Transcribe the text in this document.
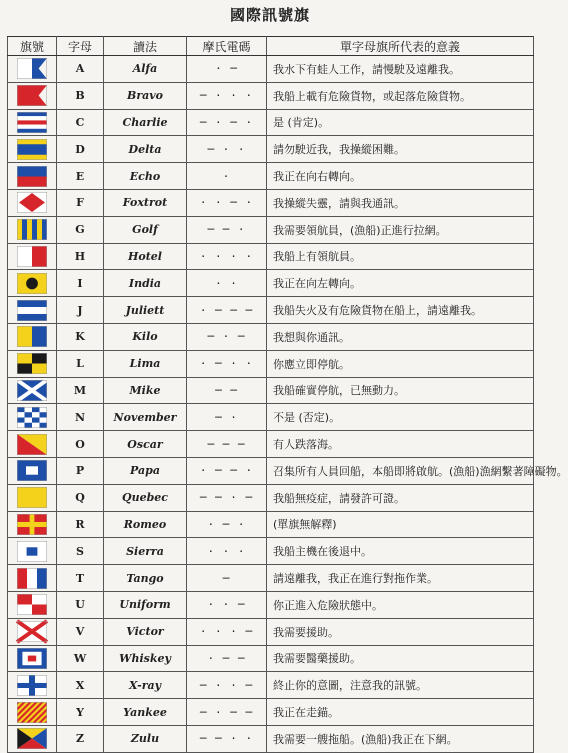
國際訊號旗
旗號	字母	讀法	摩氏電碼	單字母旗所代表的意義

	A	Alfa	· ─	我水下有蛙人工作，請慢駛及遠離我。

	B	Bravo	─ · · ·	我船上載有危險貨物，或起落危險貨物。

	C	Charlie	─ · ─ ·	是 (肯定)。

	D	Delta	─ · ·	請勿駛近我，我操縱困難。

	E	Echo	·	我正在向右轉向。

	F	Foxtrot	· · ─ ·	我操縱失靈，請與我通訊。

	G	Golf	─ ─ ·	我需要領航員，(漁船)正進行拉網。

	H	Hotel	· · · ·	我船上有領航員。

	I	India	· ·	我正在向左轉向。

	J	Juliett	· ─ ─ ─	我船失火及有危險貨物在船上，請遠離我。

	K	Kilo	─ · ─	我想與你通訊。

	L	Lima	· ─ · ·	你應立即停航。

	M	Mike	─ ─	我船確實停航，已無動力。

	N	November	─ ·	不是 (否定)。

	O	Oscar	─ ─ ─	有人跌落海。

	P	Papa	· ─ ─ ·	召集所有人員回船，本船即將啟航。(漁船)漁網繫著障礙物。

	Q	Quebec	─ ─ · ─	我船無疫症，請發許可證。

	R	Romeo	· ─ ·	(單旗無解釋)

	S	Sierra	· · ·	我船主機在後退中。

	T	Tango	─	請遠離我，我正在進行對拖作業。

	U	Uniform	· · ─	你正進入危險狀態中。

	V	Victor	· · · ─	我需要援助。

	W	Whiskey	· ─ ─	我需要醫藥援助。

	X	X-ray	─ · · ─	終止你的意圖，注意我的訊號。

	Y	Yankee	─ · ─ ─	我正在走錨。

	Z	Zulu	─ ─ · ·	我需要一艘拖船。(漁船)我正在下網。
